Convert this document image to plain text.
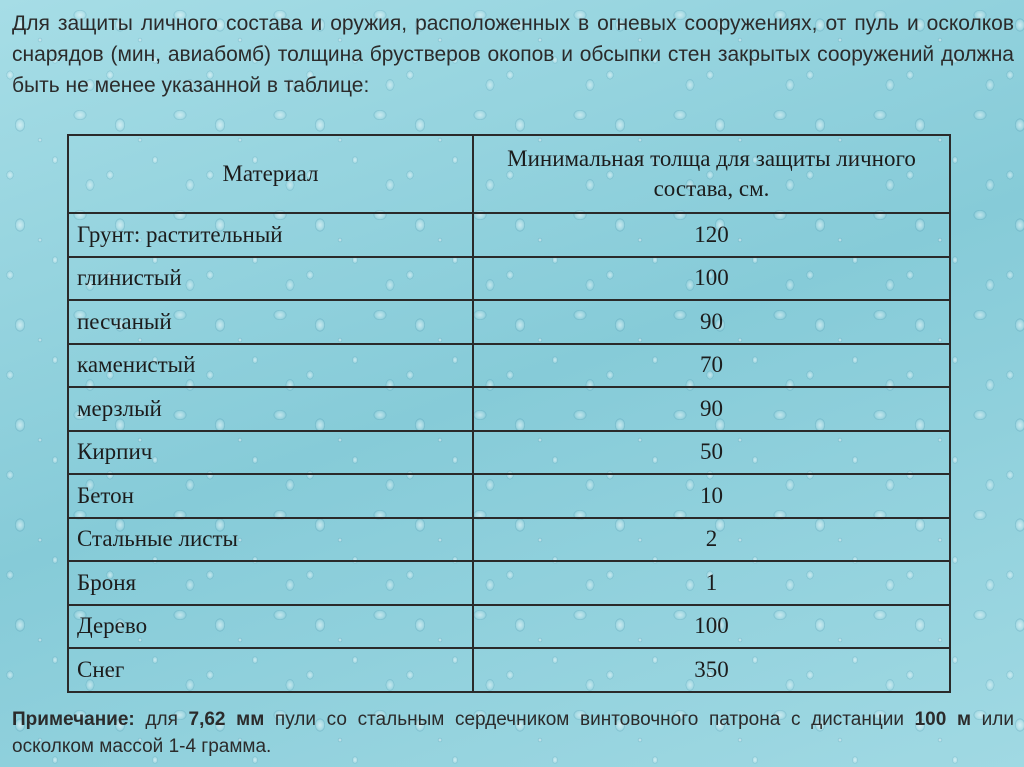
Для защиты личного состава и оружия, расположенных в огневых сооружениях, от пуль и осколков снарядов (мин, авиабомб) толщина брустверов окопов и обсыпки стен закрытых сооружений должна быть не менее указанной в таблице:

Материал	Минимальная толща для защиты личного состава, см.
Грунт: растительный	120
глинистый	100
песчаный	90
каменистый	70
мерзлый	90
Кирпич	50
Бетон	10
Стальные листы	2
Броня	1
Дерево	100
Снег	350

Примечание: для 7,62 мм пули со стальным сердечником винтовочного патрона с дистанции 100 м или осколком массой 1-4 грамма.
